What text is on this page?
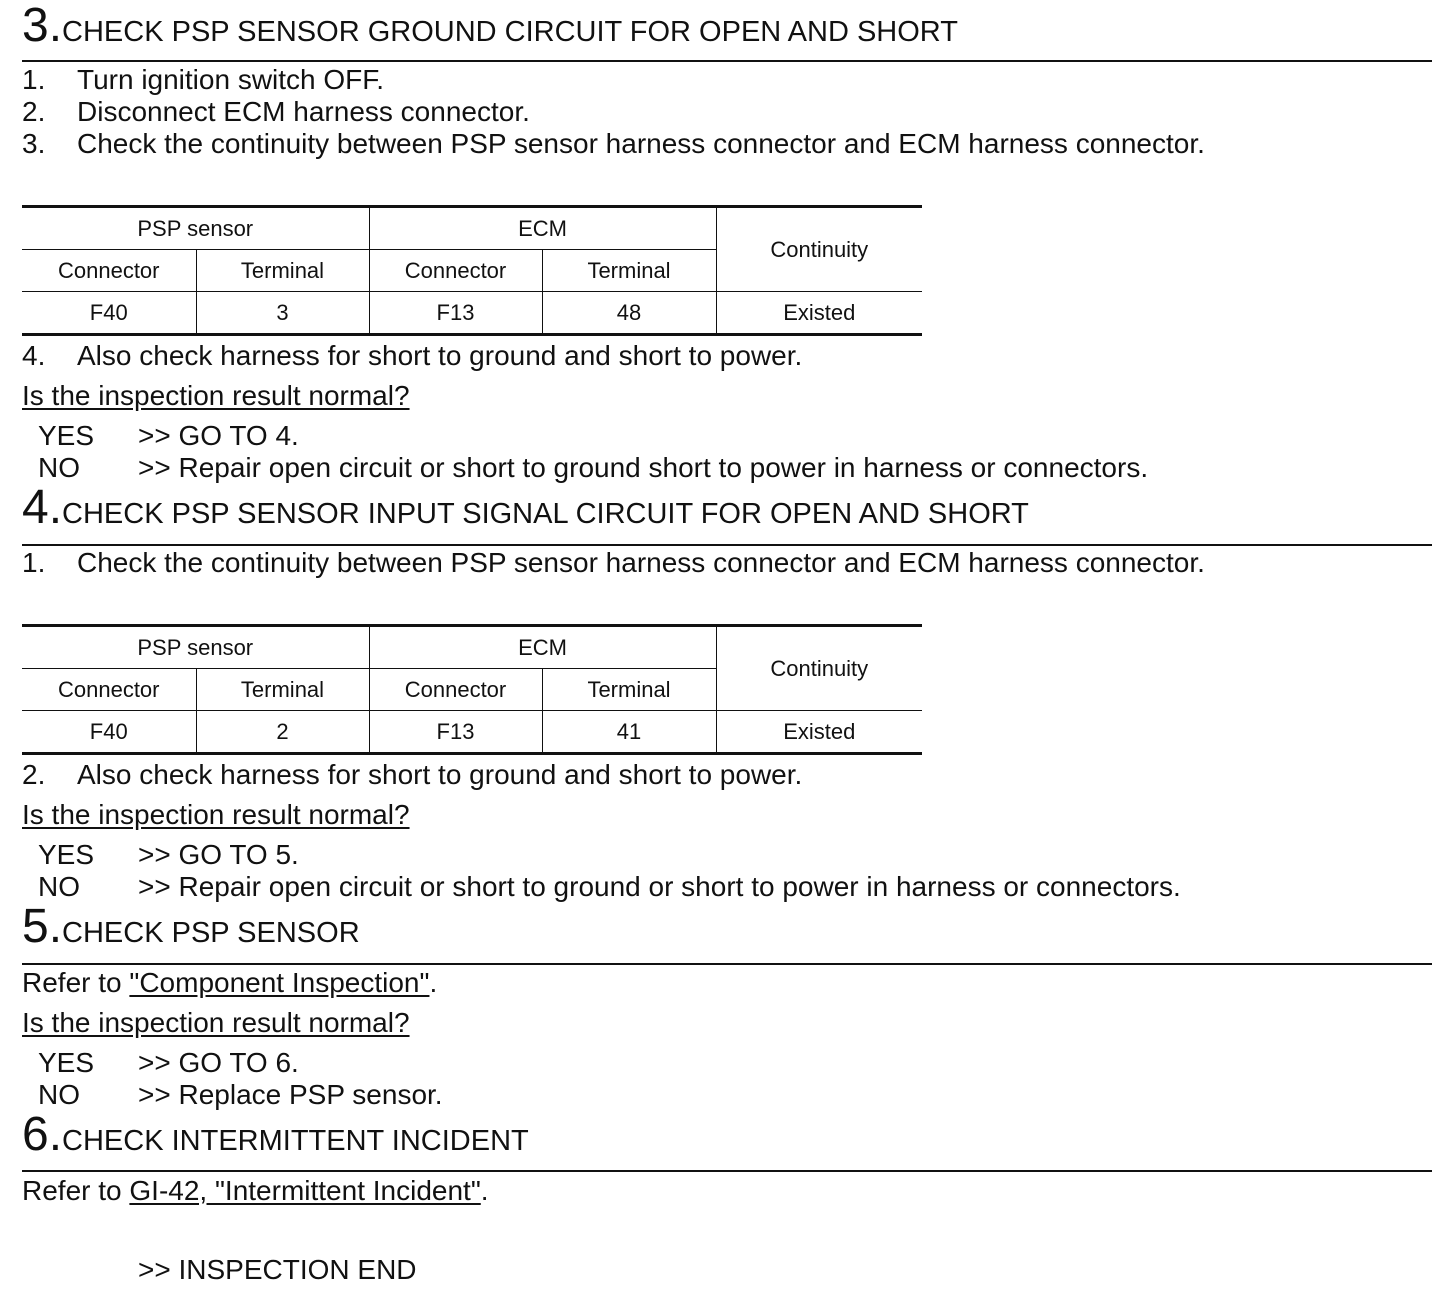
3.CHECK PSP SENSOR GROUND CIRCUIT FOR OPEN AND SHORT
1. Turn ignition switch OFF.
2. Disconnect ECM harness connector.
3. Check the continuity between PSP sensor harness connector and ECM harness connector.
PSP sensor		ECM		Continuity
Connector	Terminal	Connector	Terminal	
F40	3	F13	48	Existed
4. Also check harness for short to ground and short to power.
Is the inspection result normal?
YES >> GO TO 4.
NO >> Repair open circuit or short to ground short to power in harness or connectors.
4.CHECK PSP SENSOR INPUT SIGNAL CIRCUIT FOR OPEN AND SHORT
1. Check the continuity between PSP sensor harness connector and ECM harness connector.
PSP sensor		ECM		Continuity
Connector	Terminal	Connector	Terminal	
F40	2	F13	41	Existed
2. Also check harness for short to ground and short to power.
Is the inspection result normal?
YES >> GO TO 5.
NO >> Repair open circuit or short to ground or short to power in harness or connectors.
5.CHECK PSP SENSOR
Refer to "Component Inspection".
Is the inspection result normal?
YES >> GO TO 6.
NO >> Replace PSP sensor.
6.CHECK INTERMITTENT INCIDENT
Refer to GI-42, "Intermittent Incident".
>> INSPECTION END
